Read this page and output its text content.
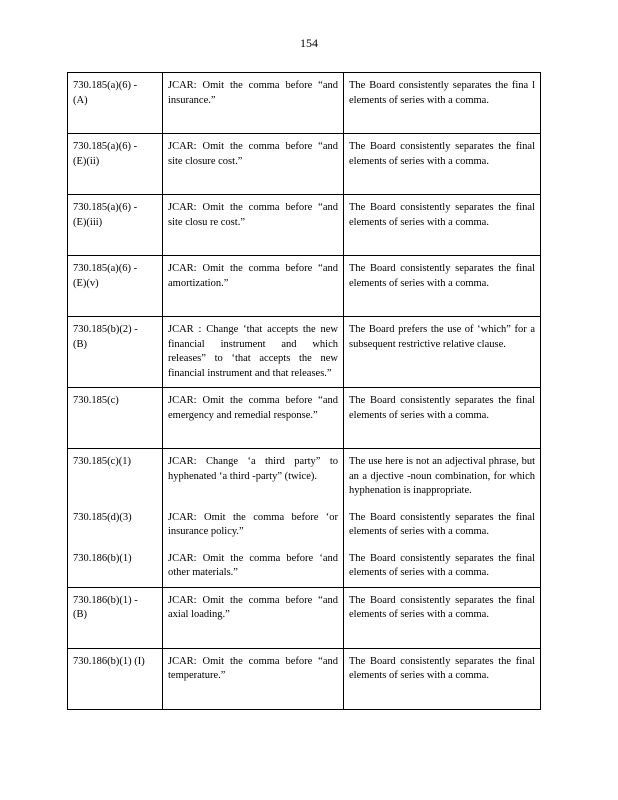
154
730.185(a)(6) -
(A)	JCAR: Omit the comma before “and insurance.”	The Board consistently separates the fina l elements of series with a comma.
730.185(a)(6) -
(E)(ii)	JCAR: Omit the comma before “and site closure cost.”	The Board consistently separates the final elements of series with a comma.
730.185(a)(6) -
(E)(iii)	JCAR: Omit the comma before “and site closu re cost.”	The Board consistently separates the final elements of series with a comma.
730.185(a)(6) -
(E)(v)	JCAR: Omit the comma before “and amortization.”	The Board consistently separates the final elements of series with a comma.
730.185(b)(2) -
(B)	JCAR : Change ‘that accepts the new financial instrument and which releases” to ‘that accepts the new financial instrument and that releases.”	The Board prefers the use of ‘which” for a subsequent restrictive relative clause.
730.185(c)	JCAR: Omit the comma before “and emergency and remedial response.”	The Board consistently separates the final elements of series with a comma.
730.185(c)(1)	JCAR: Change ‘a third party” to hyphenated ‘a third -party” (twice).	The use here is not an adjectival phrase, but an a djective -noun combination, for which hyphenation is inappropriate.
730.185(d)(3)	JCAR: Omit the comma before ‘or insurance policy.”	The Board consistently separates the final elements of series with a comma.
730.186(b)(1)	JCAR: Omit the comma before ‘and other materials.”	The Board consistently separates the final elements of series with a comma.
730.186(b)(1) -
(B)	JCAR: Omit the comma before “and axial loading.”	The Board consistently separates the final elements of series with a comma.
730.186(b)(1) (I)	JCAR: Omit the comma before “and temperature.”	The Board consistently separates the final elements of series with a comma.
